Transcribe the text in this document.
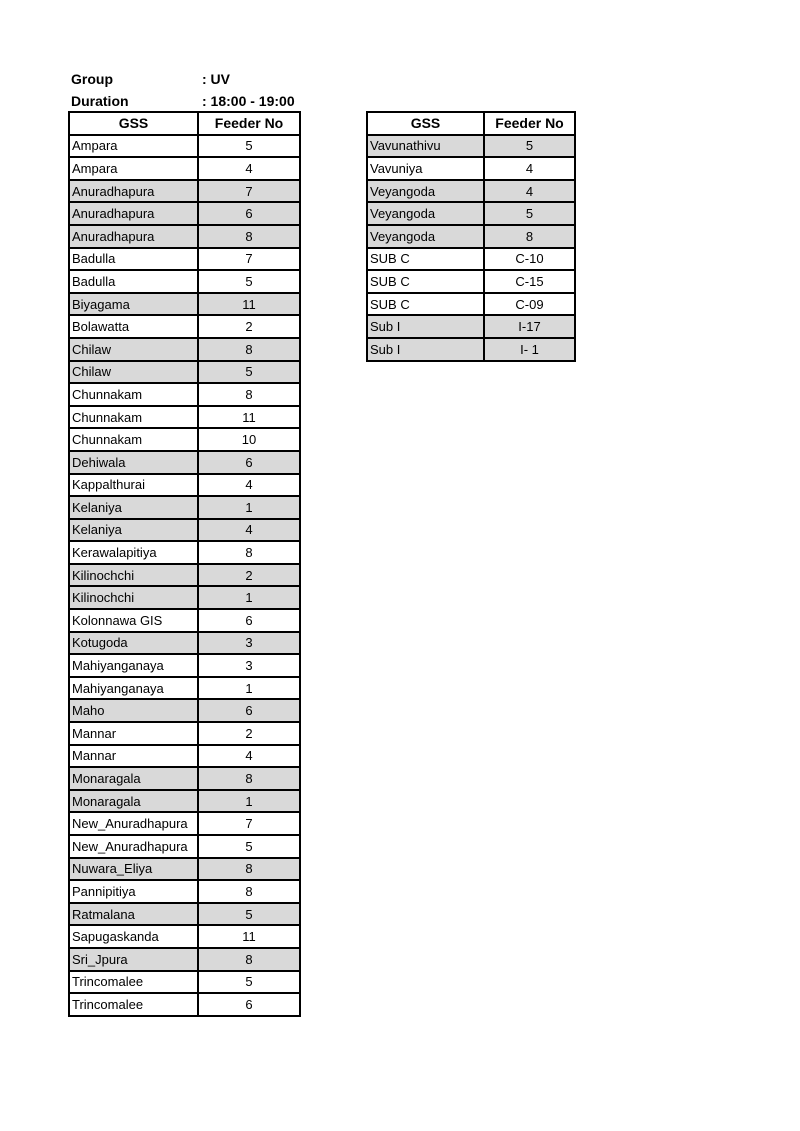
Group	: UV
Duration	: 18:00 - 19:00
GSS	Feeder No
Ampara	5
Ampara	4
Anuradhapura	7
Anuradhapura	6
Anuradhapura	8
Badulla	7
Badulla	5
Biyagama	11
Bolawatta	2
Chilaw	8
Chilaw	5
Chunnakam	8
Chunnakam	11
Chunnakam	10
Dehiwala	6
Kappalthurai	4
Kelaniya	1
Kelaniya	4
Kerawalapitiya	8
Kilinochchi	2
Kilinochchi	1
Kolonnawa GIS	6
Kotugoda	3
Mahiyanganaya	3
Mahiyanganaya	1
Maho	6
Mannar	2
Mannar	4
Monaragala	8
Monaragala	1
New_Anuradhapura	7
New_Anuradhapura	5
Nuwara_Eliya	8
Pannipitiya	8
Ratmalana	5
Sapugaskanda	11
Sri_Jpura	8
Trincomalee	5
Trincomalee	6
GSS	Feeder No
Vavunathivu	5
Vavuniya	4
Veyangoda	4
Veyangoda	5
Veyangoda	8
SUB C	C-10
SUB C	C-15
SUB C	C-09
Sub I	I-17
Sub I	I- 1
